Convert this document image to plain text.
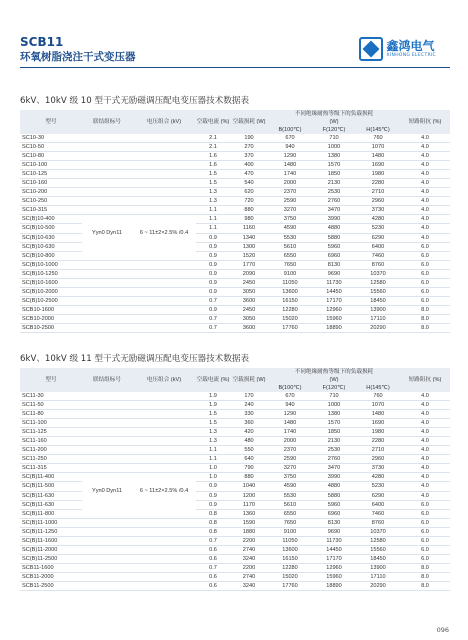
SCB11
环氧树脂浇注干式变压器
鑫鸿电气
XINHONG ELECTRIC
6kV、10kV 级 10 型干式无励磁调压配电变压器技术数据表
型号	联结组标号	电压组合 (kV)	空载电流 (%)	空载损耗 (W)	不同绝缘耐热等级下的负载损耗
(W)			短路阻抗 (%)
					B(100℃)	F(120℃)	H(145℃)	
SC10-30			2.1	190	670	710	760	4.0
SC10-50			2.1	270	940	1000	1070	4.0
SC10-80			1.6	370	1290	1380	1480	4.0
SC10-100			1.6	400	1480	1570	1690	4.0
SC10-125			1.5	470	1740	1850	1980	4.0
SC10-160			1.5	540	2000	2130	2280	4.0
SC10-200			1.3	620	2370	2530	2710	4.0
SC10-250			1.3	720	2590	2760	2960	4.0
SC10-315			1.1	880	3270	3470	3730	4.0
SC(B)10-400	Yyn0 Dyn11	6 ~ 11±2×2.5% /0.4	1.1	980	3750	3990	4280	4.0
SC(B)10-500			1.1	1160	4590	4880	5230	4.0
SC(B)10-630			0.9	1340	5530	5880	6290	4.0
SC(B)10-630			0.9	1300	5610	5960	6400	6.0
SC(B)10-800			0.9	1520	6550	6960	7460	6.0
SC(B)10-1000			0.9	1770	7650	8130	8760	6.0
SC(B)10-1250			0.9	2090	9100	9690	10370	6.0
SC(B)10-1600			0.9	2450	11050	11730	12580	6.0
SC(B)10-2000			0.9	3050	13600	14450	15560	6.0
SC(B)10-2500			0.7	3600	16150	17170	18450	6.0
SCB10-1600			0.9	2450	12280	12960	13900	8.0
SCB10-2000			0.7	3050	15020	15960	17110	8.0
SCB10-2500			0.7	3600	17760	18890	20290	8.0
6kV、10kV 级 11 型干式无励磁调压配电变压器技术数据表
型号	联结组标号	电压组合 (kV)	空载电流 (%)	空载损耗 (W)	不同绝缘耐热等级下的负载损耗
(W)			短路阻抗 (%)
					B(100℃)	F(120℃)	H(145℃)	
SC11-30			1.9	170	670	710	760	4.0
SC11-50			1.9	240	940	1000	1070	4.0
SC11-80			1.5	330	1290	1380	1480	4.0
SC11-100			1.5	360	1480	1570	1690	4.0
SC11-125			1.3	420	1740	1850	1980	4.0
SC11-160			1.3	480	2000	2130	2280	4.0
SC11-200			1.1	550	2370	2530	2710	4.0
SC11-250			1.1	640	2590	2760	2960	4.0
SC11-315			1.0	790	3270	3470	3730	4.0
SC(B)11-400	Yyn0 Dyn11	6 ~ 11±2×2.5% /0.4	1.0	880	3750	3990	4280	4.0
SC(B)11-500			0.9	1040	4590	4880	5230	4.0
SC(B)11-630			0.9	1200	5530	5880	6290	4.0
SC(B)11-630			0.9	1170	5610	5960	6400	6.0
SC(B)11-800			0.8	1360	6550	6960	7460	6.0
SC(B)11-1000			0.8	1590	7650	8130	8760	6.0
SC(B)11-1250			0.8	1880	9100	9690	10370	6.0
SC(B)11-1600			0.7	2200	11050	11730	12580	6.0
SC(B)11-2000			0.6	2740	13600	14450	15560	6.0
SC(B)11-2500			0.6	3240	16150	17170	18450	6.0
SCB11-1600			0.7	2200	12280	12960	13900	8.0
SCB11-2000			0.6	2740	15020	15960	17110	8.0
SCB11-2500			0.6	3240	17760	18890	20290	8.0
096
